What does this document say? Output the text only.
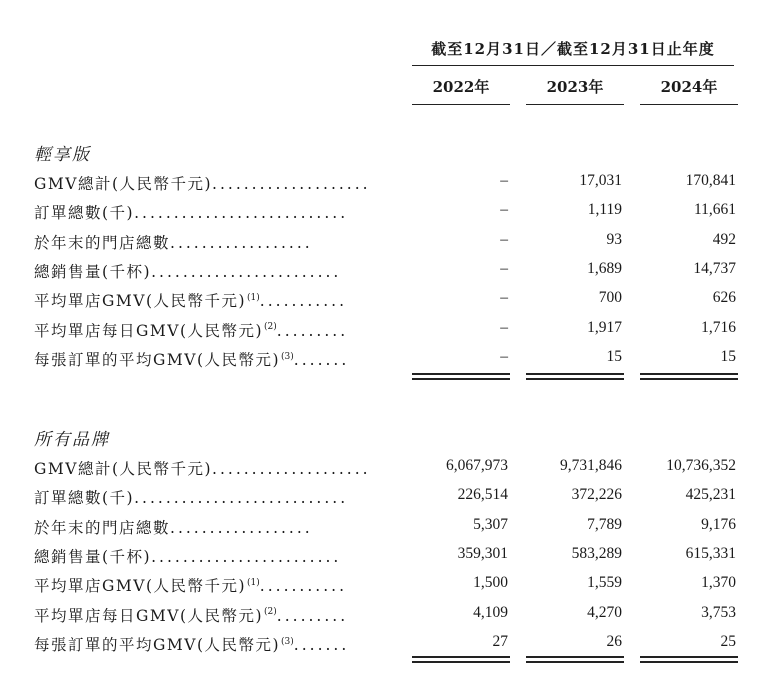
截至12月31日／截至12月31日止年度
2022年	2023年	2024年
輕享版
GMV總計(人民幣千元)....................	–	17,031	170,841
訂單總數(千)...........................	–	1,119	11,661
於年末的門店總數..................	–	93	492
總銷售量(千杯)........................	–	1,689	14,737
平均單店GMV(人民幣千元)$^{(1)}$...........	–	700	626
平均單店每日GMV(人民幣元)$^{(2)}$.........	–	1,917	1,716
每張訂單的平均GMV(人民幣元)$^{(3)}$.......	–	15	15
所有品牌
GMV總計(人民幣千元)....................	6,067,973	9,731,846	10,736,352
訂單總數(千)...........................	226,514	372,226	425,231
於年末的門店總數..................	5,307	7,789	9,176
總銷售量(千杯)........................	359,301	583,289	615,331
平均單店GMV(人民幣千元)$^{(1)}$...........	1,500	1,559	1,370
平均單店每日GMV(人民幣元)$^{(2)}$.........	4,109	4,270	3,753
每張訂單的平均GMV(人民幣元)$^{(3)}$.......	27	26	25
